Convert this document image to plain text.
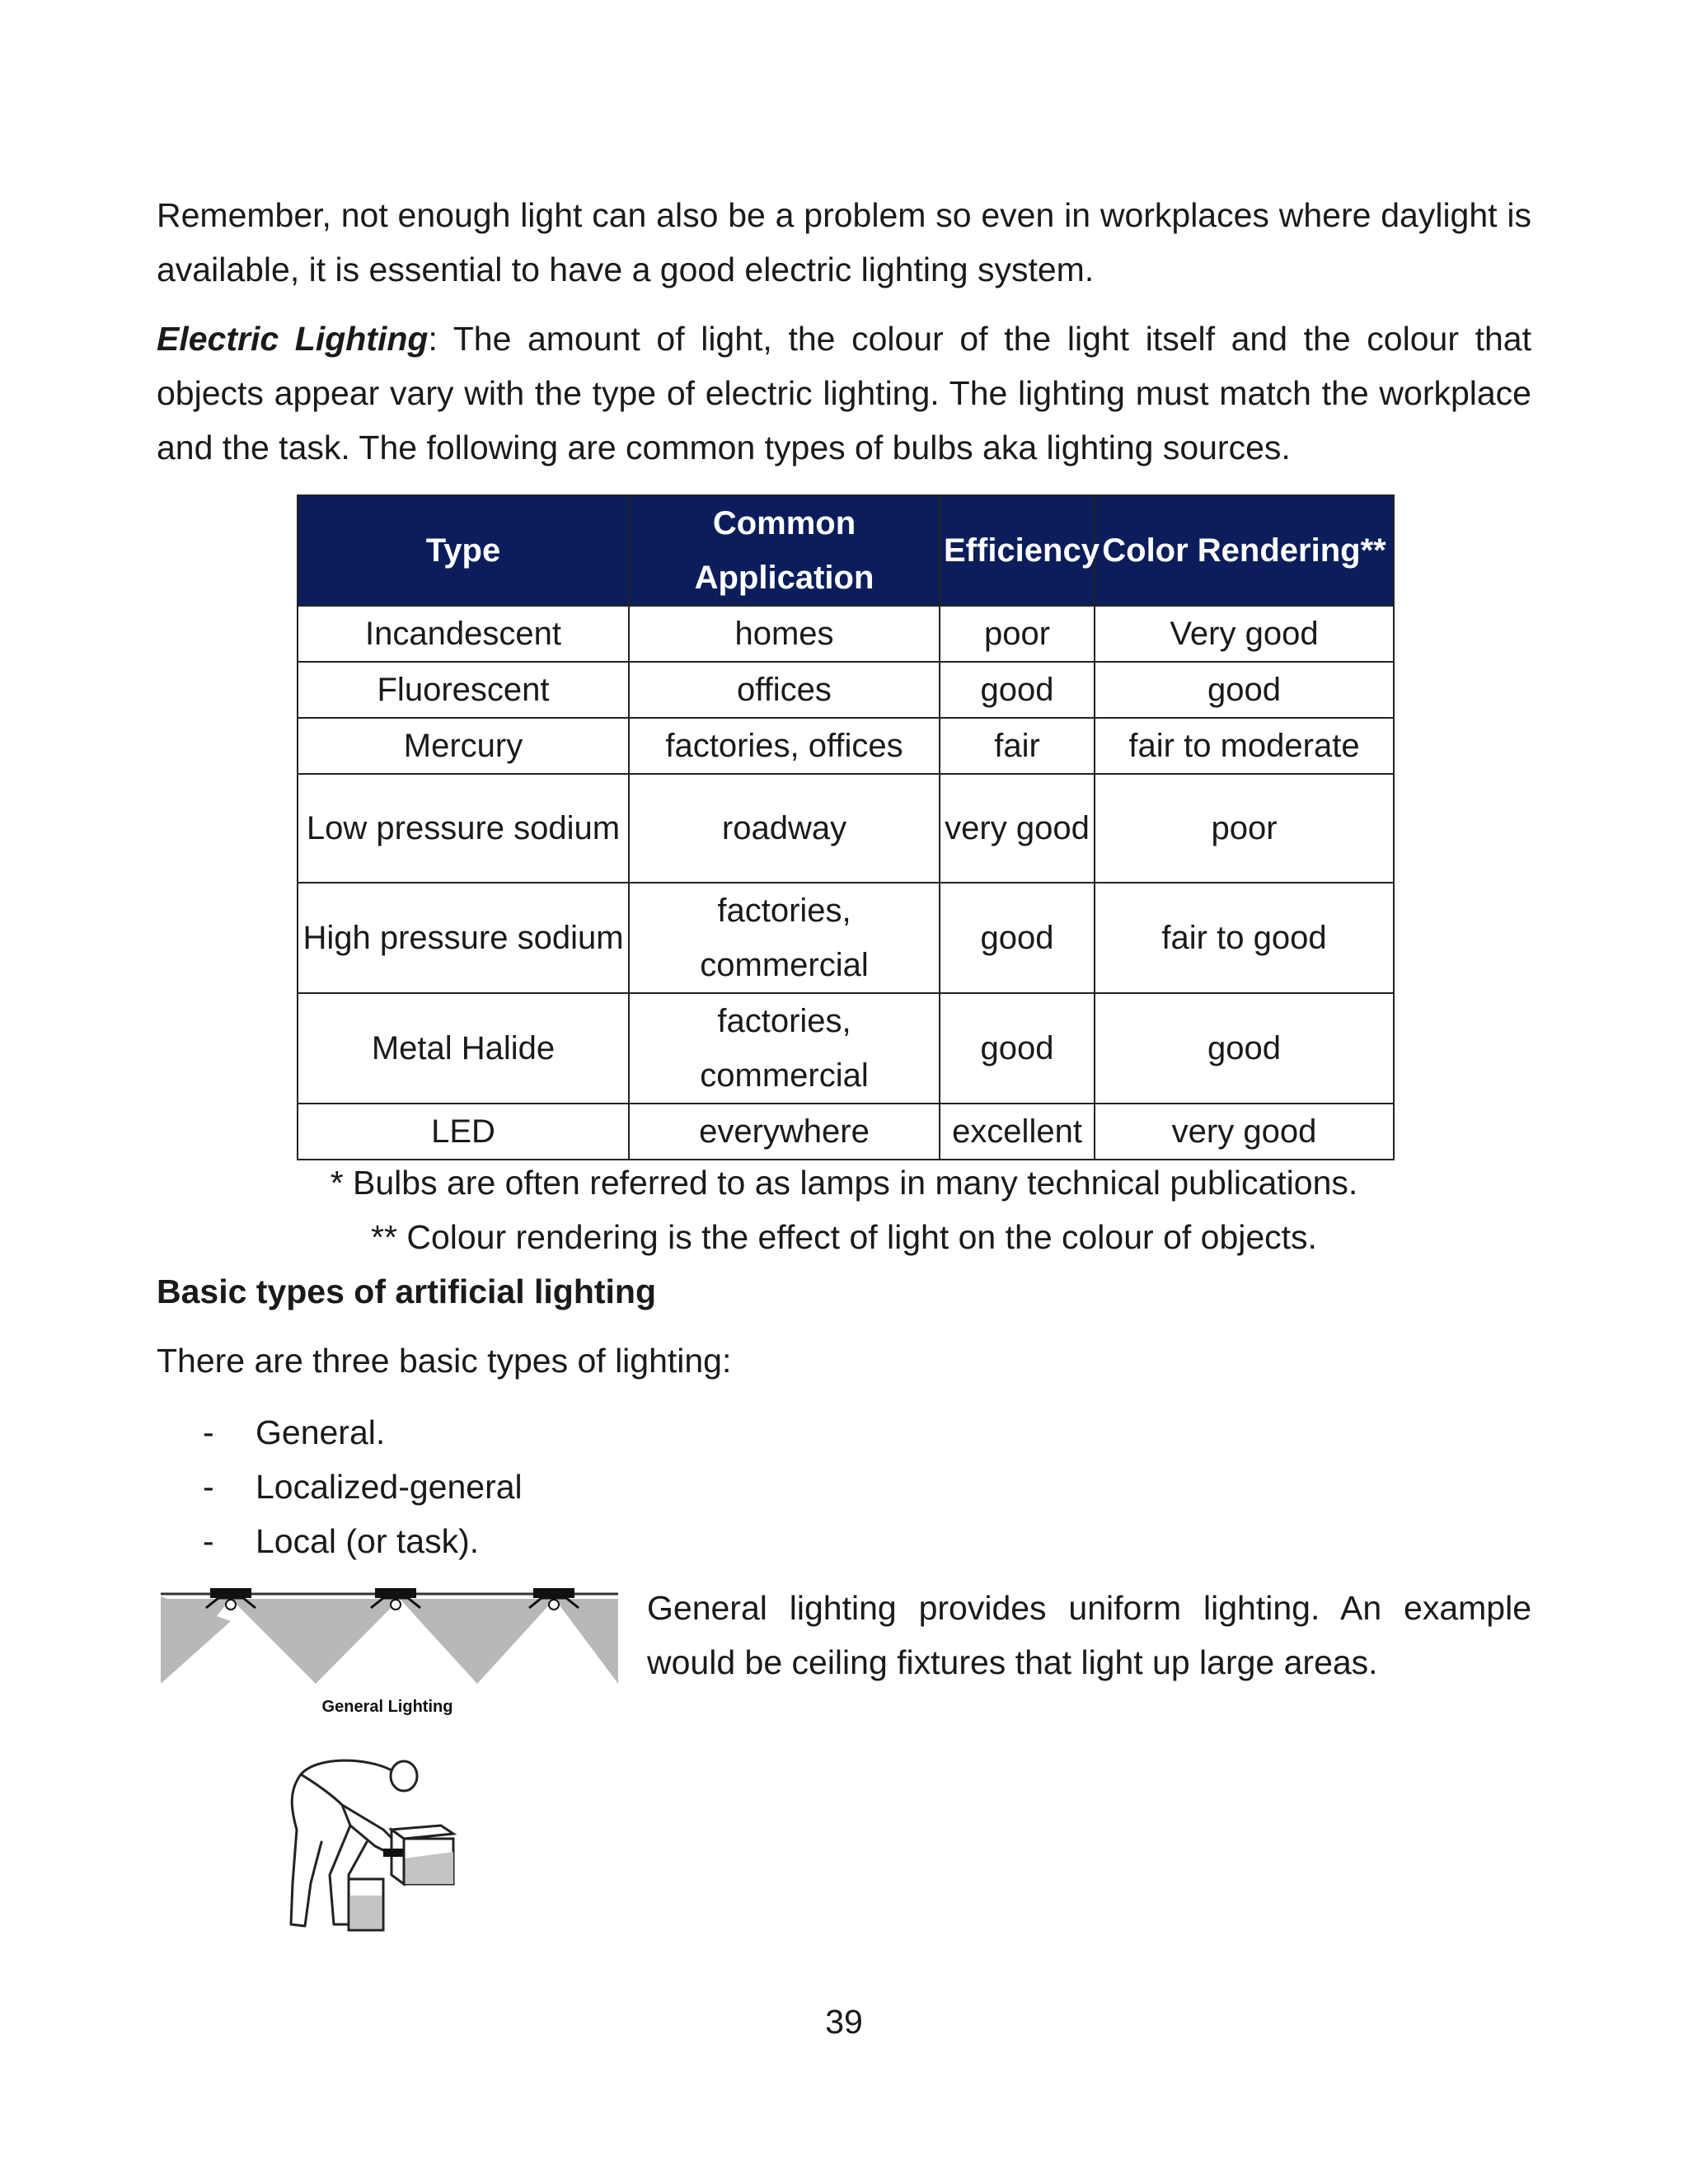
Remember, not enough light can also be a problem so even in workplaces where daylight is available, it is essential to have a good electric lighting system.

Electric Lighting: The amount of light, the colour of the light itself and the colour that objects appear vary with the type of electric lighting. The lighting must match the workplace and the task. The following are common types of bulbs aka lighting sources.

Type	Common Application	Efficiency	Color Rendering**
Incandescent	homes	poor	Very good
Fluorescent	offices	good	good
Mercury	factories, offices	fair	fair to moderate
Low pressure sodium	roadway	very good	poor
High pressure sodium	factories, commercial	good	fair to good
Metal Halide	factories, commercial	good	good
LED	everywhere	excellent	very good
* Bulbs are often referred to as lamps in many technical publications.
** Colour rendering is the effect of light on the colour of objects.
Basic types of artificial lighting
There are three basic types of lighting:
- General.
- Localized-general
- Local (or task).
General Lighting
General lighting provides uniform lighting. An example would be ceiling fixtures that light up large areas.
39
